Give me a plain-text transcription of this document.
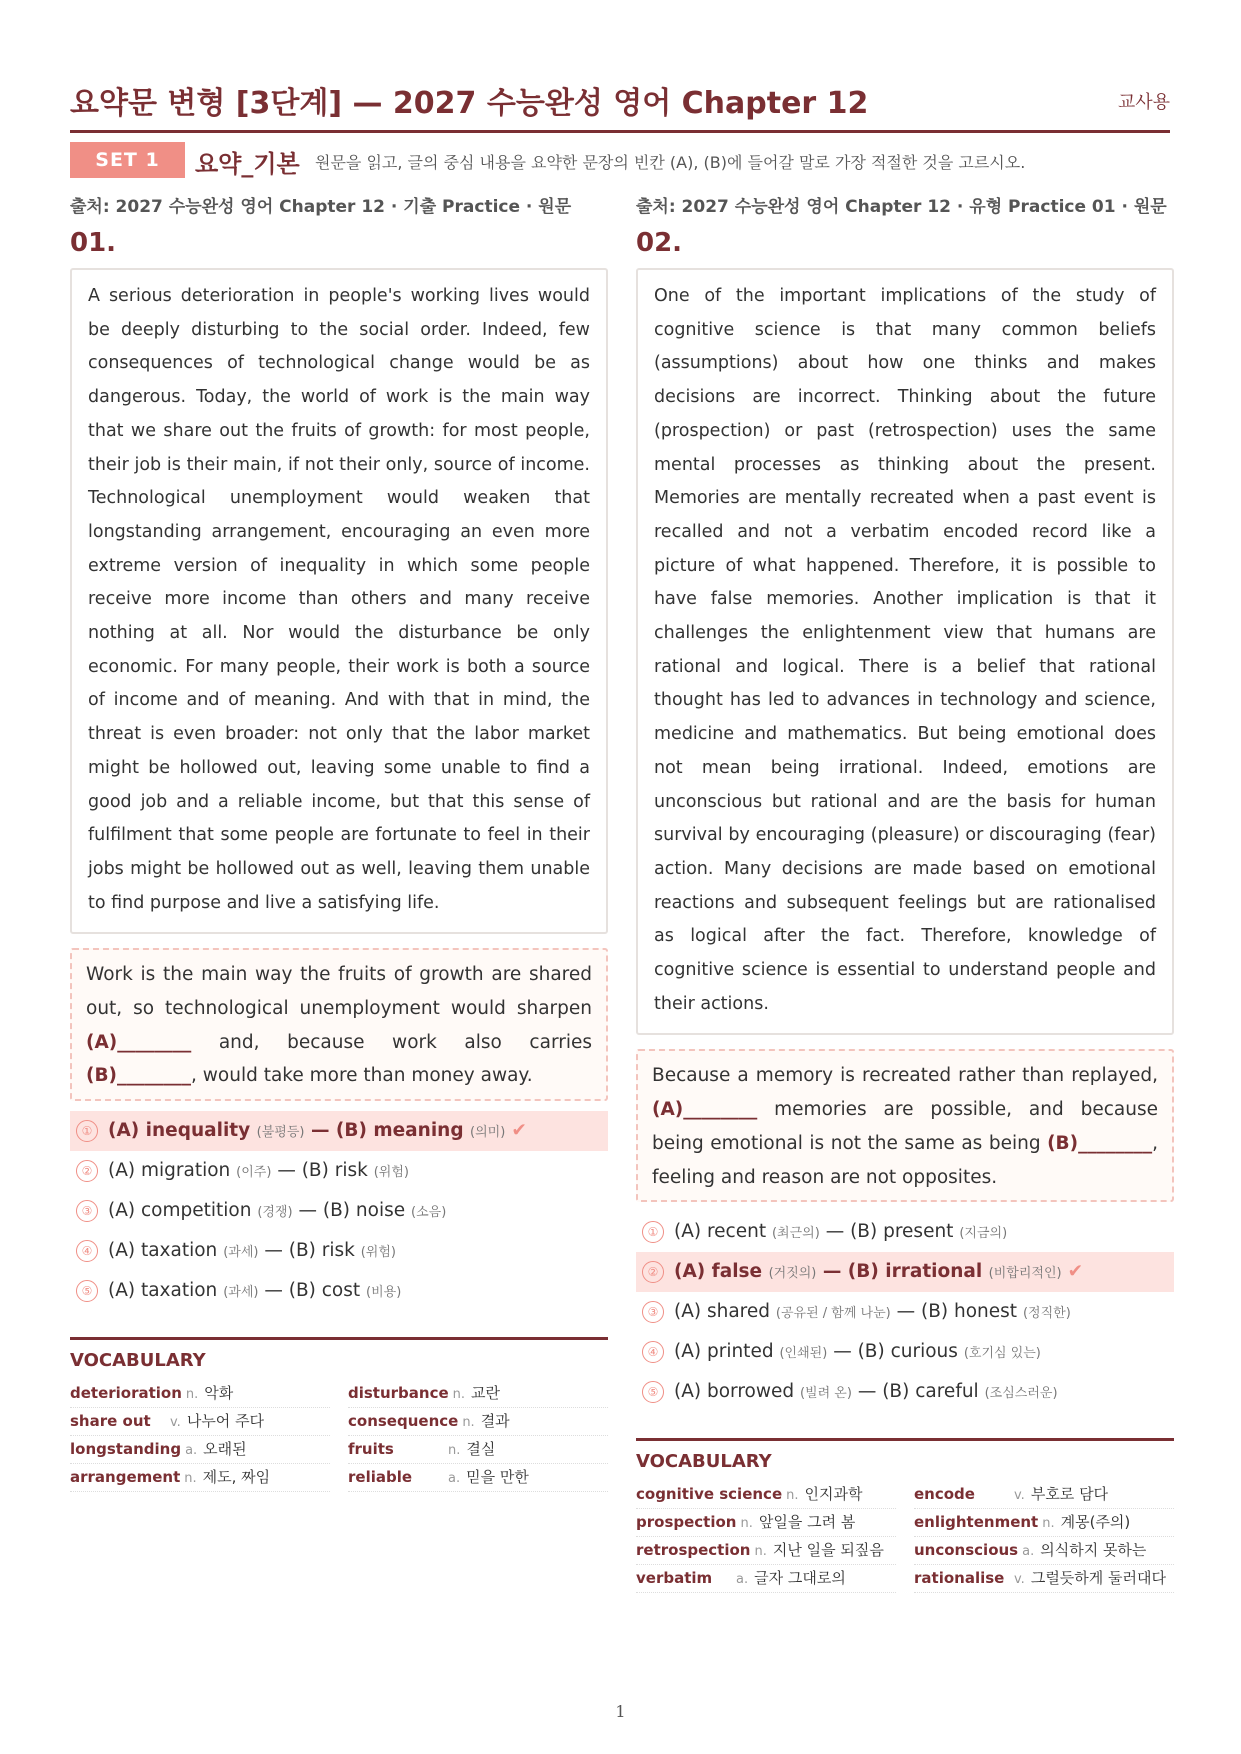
요약문 변형 [3단계] — 2027 수능완성 영어 Chapter 12	교사용
SET 1	요약_기본 원문을 읽고, 글의 중심 내용을 요약한 문장의 빈칸 (A), (B)에 들어갈 말로 가장 적절한 것을 고르시오.
출처: 2027 수능완성 영어 Chapter 12 · 기출 Practice · 원문
01.
A serious deterioration in people's working lives would be deeply disturbing to the social order. Indeed, few consequences of technological change would be as dangerous. Today, the world of work is the main way that we share out the fruits of growth: for most people, their job is their main, if not their only, source of income. Technological unemployment would weaken that longstanding arrangement, encouraging an even more extreme version of inequality in which some people receive more income than others and many receive nothing at all. Nor would the disturbance be only economic. For many people, their work is both a source of income and of meaning. And with that in mind, the threat is even broader: not only that the labor market might be hollowed out, leaving some unable to find a good job and a reliable income, but that this sense of fulfilment that some people are fortunate to feel in their jobs might be hollowed out as well, leaving them unable to find purpose and live a satisfying life.
Work is the main way the fruits of growth are shared out, so technological unemployment would sharpen (A)________ and, because work also carries (B)________, would take more than money away.
① (A) inequality (불평등) — (B) meaning (의미) ✔
② (A) migration (이주) — (B) risk (위험)
③ (A) competition (경쟁) — (B) noise (소음)
④ (A) taxation (과세) — (B) risk (위험)
⑤ (A) taxation (과세) — (B) cost (비용)
VOCABULARY
deterioration n. 악화	disturbance n. 교란
share out v. 나누어 주다	consequence n. 결과
longstanding a. 오래된	fruits	n. 결실
arrangement n. 제도, 짜임	reliable	a. 믿을 만한
출처: 2027 수능완성 영어 Chapter 12 · 유형 Practice 01 · 원문
02.
One of the important implications of the study of cognitive science is that many common beliefs (assumptions) about how one thinks and makes decisions are incorrect. Thinking about the future (prospection) or past (retrospection) uses the same mental processes as thinking about the present. Memories are mentally recreated when a past event is recalled and not a verbatim encoded record like a picture of what happened. Therefore, it is possible to have false memories. Another implication is that it challenges the enlightenment view that humans are rational and logical. There is a belief that rational thought has led to advances in technology and science, medicine and mathematics. But being emotional does not mean being irrational. Indeed, emotions are unconscious but rational and are the basis for human survival by encouraging (pleasure) or discouraging (fear) action. Many decisions are made based on emotional reactions and subsequent feelings but are rationalised as logical after the fact. Therefore, knowledge of cognitive science is essential to understand people and their actions.
Because a memory is recreated rather than replayed, (A)________ memories are possible, and because being emotional is not the same as being (B)________, feeling and reason are not opposites.
① (A) recent (최근의) — (B) present (지금의)
② (A) false (거짓의) — (B) irrational (비합리적인) ✔
③ (A) shared (공유된 / 함께 나눈) — (B) honest (정직한)
④ (A) printed (인쇄된) — (B) curious (호기심 있는)
⑤ (A) borrowed (빌려 온) — (B) careful (조심스러운)
VOCABULARY
cognitive science n. 인지과학	encode	v. 부호로 담다
prospection n. 앞일을 그려 봄	enlightenment n. 계몽(주의)
retrospection n. 지난 일을 되짚음	unconscious a. 의식하지 못하는
verbatim a. 글자 그대로의	rationalise v. 그럴듯하게 둘러대다
1
